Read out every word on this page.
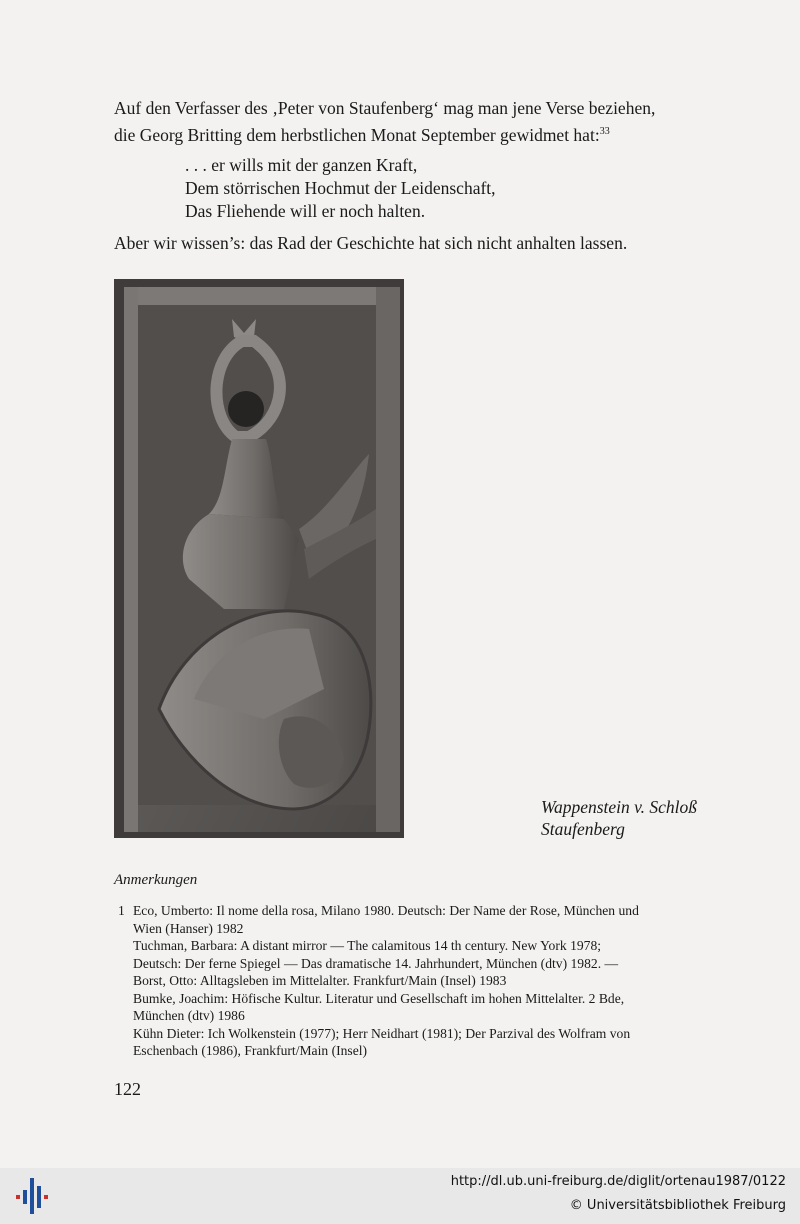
Auf den Verfasser des ‚Peter von Staufenberg‘ mag man jene Verse beziehen,
die Georg Britting dem herbstlichen Monat September gewidmet hat:$^{33}$

. . . er wills mit der ganzen Kraft,
Dem störrischen Hochmut der Leidenschaft,
Das Fliehende will er noch halten.

Aber wir wissen’s: das Rad der Geschichte hat sich nicht anhalten lassen.

Wappenstein v. Schloß
Staufenberg
Anmerkungen
1 Eco, Umberto: Il nome della rosa, Milano 1980. Deutsch: Der Name der Rose, München und
Wien (Hanser) 1982
Tuchman, Barbara: A distant mirror — The calamitous 14 th century. New York 1978;
Deutsch: Der ferne Spiegel — Das dramatische 14. Jahrhundert, München (dtv) 1982. —
Borst, Otto: Alltagsleben im Mittelalter. Frankfurt/Main (Insel) 1983
Bumke, Joachim: Höfische Kultur. Literatur und Gesellschaft im hohen Mittelalter. 2 Bde,
München (dtv) 1986
Kühn Dieter: Ich Wolkenstein (1977); Herr Neidhart (1981); Der Parzival des Wolfram von
Eschenbach (1986), Frankfurt/Main (Insel)
122
http://dl.ub.uni-freiburg.de/diglit/ortenau1987/0122
© Universitätsbibliothek Freiburg
